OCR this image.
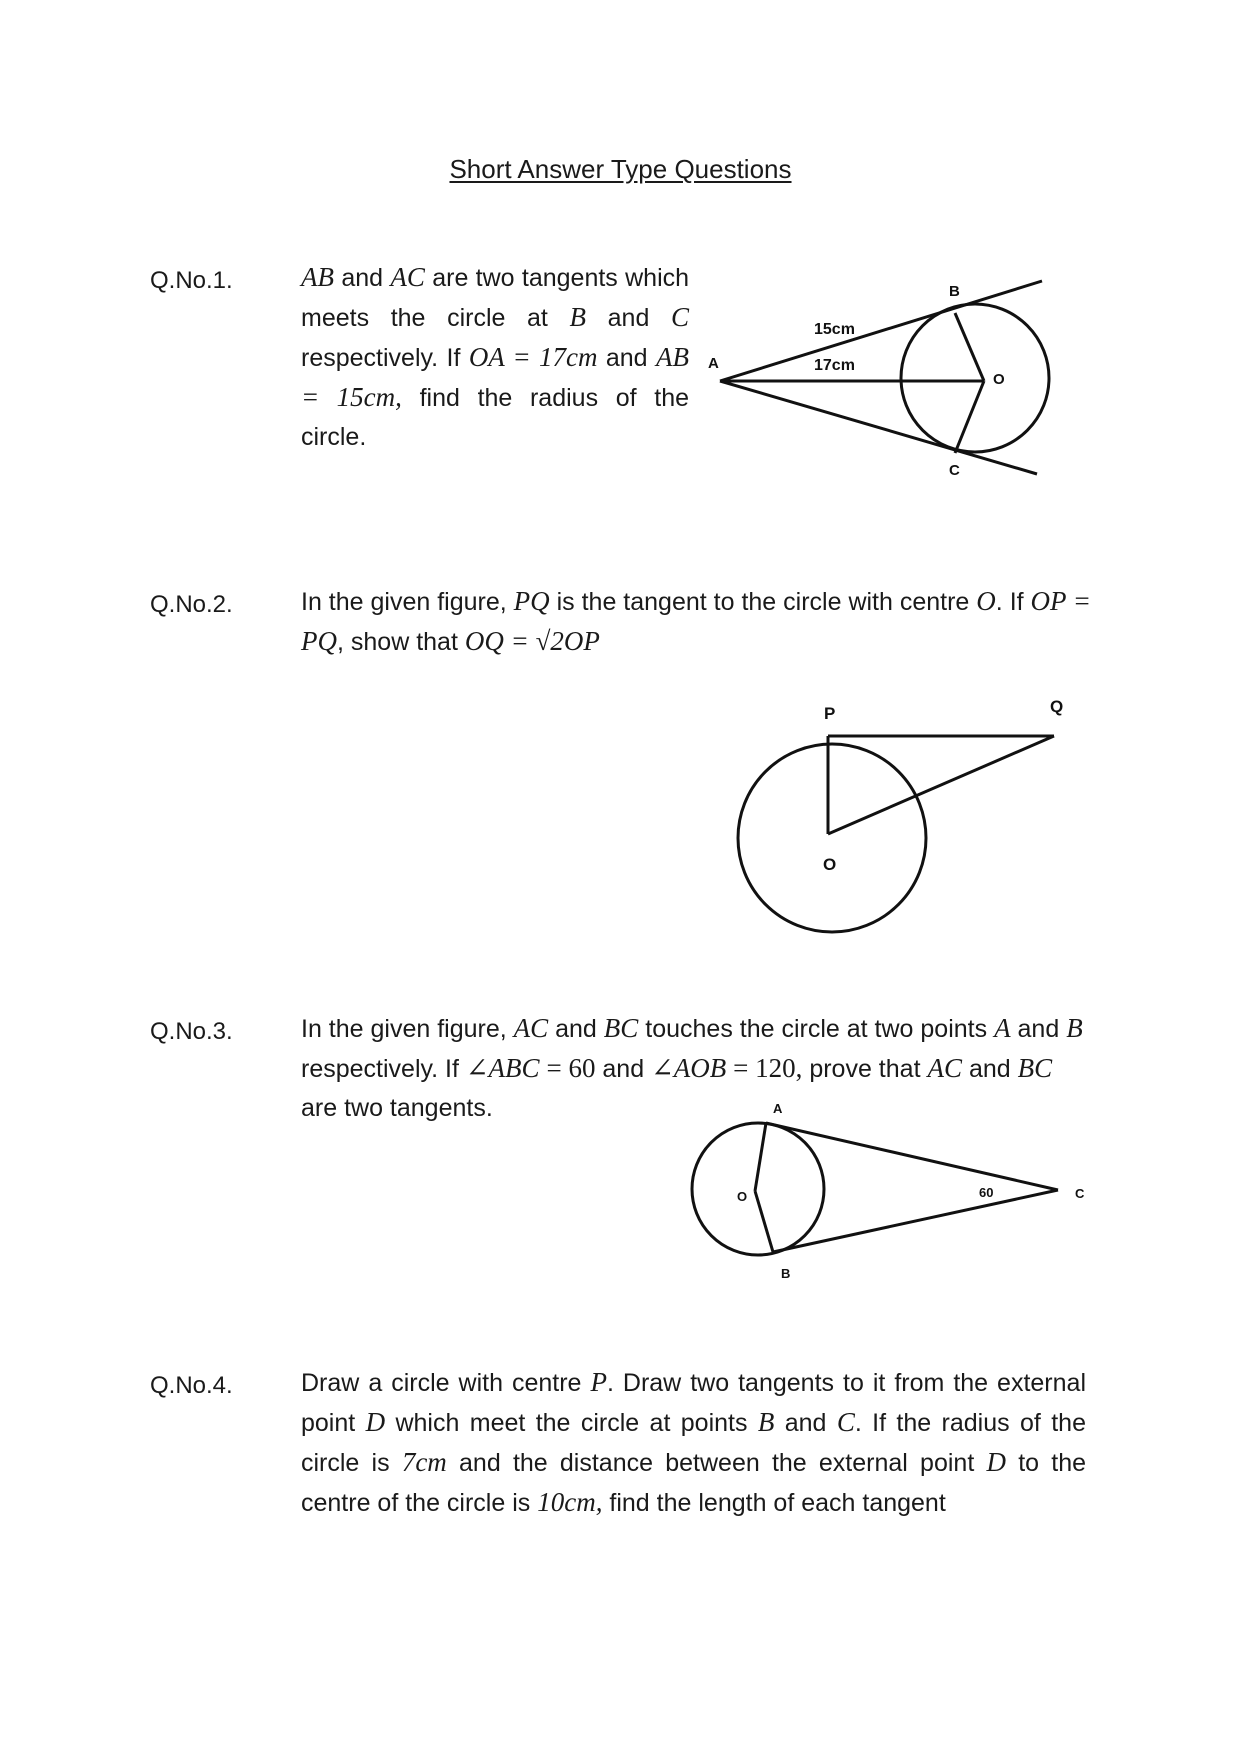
Short Answer Type Questions
Q.No.1.	AB and AC are two tangents which meets the circle at B and C respectively. If OA = 17cm and AB = 15cm, find the radius of the circle.
A
B
C
O
15cm
17cm
Q.No.2.	In the given figure, PQ is the tangent to the circle with centre O. If OP = PQ, show that OQ = √2OP
P	Q
O
Q.No.3.	In the given figure, AC and BC touches the circle at two points A and B respectively. If ∠ABC = 60 and ∠AOB = 120, prove that AC and BC are two tangents.	A
B
C
O	60
Q.No.4.	Draw a circle with centre P. Draw two tangents to it from the external point D which meet the circle at points B and C. If the radius of the circle is 7cm and the distance between the external point D to the centre of the circle is 10cm, find the length of each tangent
